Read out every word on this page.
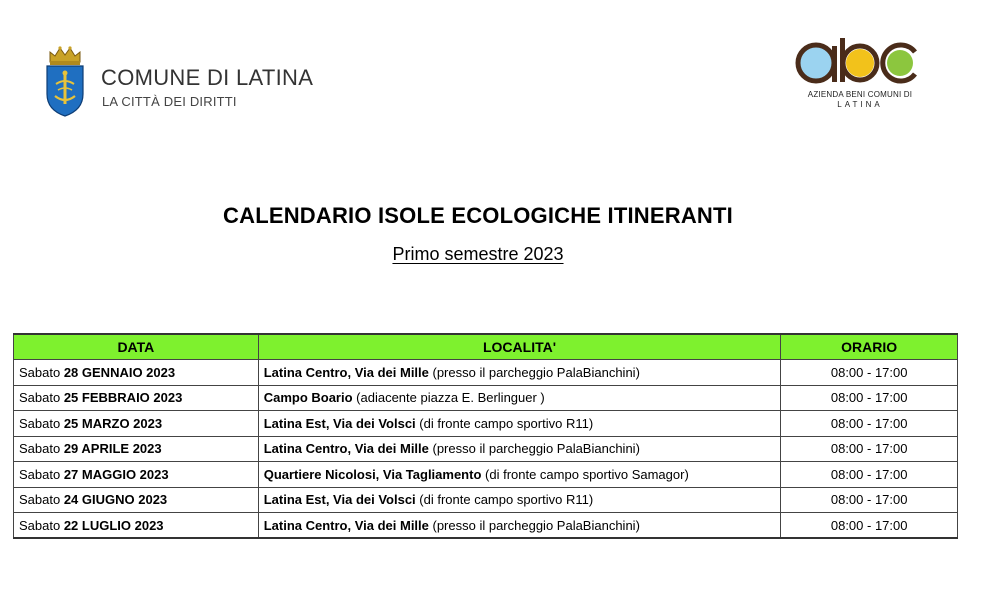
COMUNE DI LATINA
LA CITTÀ DEI DIRITTI	AZIENDA BENI COMUNI DI
LATINA
CALENDARIO ISOLE ECOLOGICHE ITINERANTI
Primo semestre 2023
DATA	LOCALITA'	ORARIO
Sabato 28 GENNAIO 2023	Latina Centro, Via dei Mille (presso il parcheggio PalaBianchini)	08:00 - 17:00
Sabato 25 FEBBRAIO 2023	Campo Boario (adiacente piazza E. Berlinguer )	08:00 - 17:00
Sabato 25 MARZO 2023	Latina Est, Via dei Volsci (di fronte campo sportivo R11)	08:00 - 17:00
Sabato 29 APRILE 2023	Latina Centro, Via dei Mille (presso il parcheggio PalaBianchini)	08:00 - 17:00
Sabato 27 MAGGIO 2023	Quartiere Nicolosi, Via Tagliamento (di fronte campo sportivo Samagor)	08:00 - 17:00
Sabato 24 GIUGNO 2023	Latina Est, Via dei Volsci (di fronte campo sportivo R11)	08:00 - 17:00
Sabato 22 LUGLIO 2023	Latina Centro, Via dei Mille (presso il parcheggio PalaBianchini)	08:00 - 17:00
